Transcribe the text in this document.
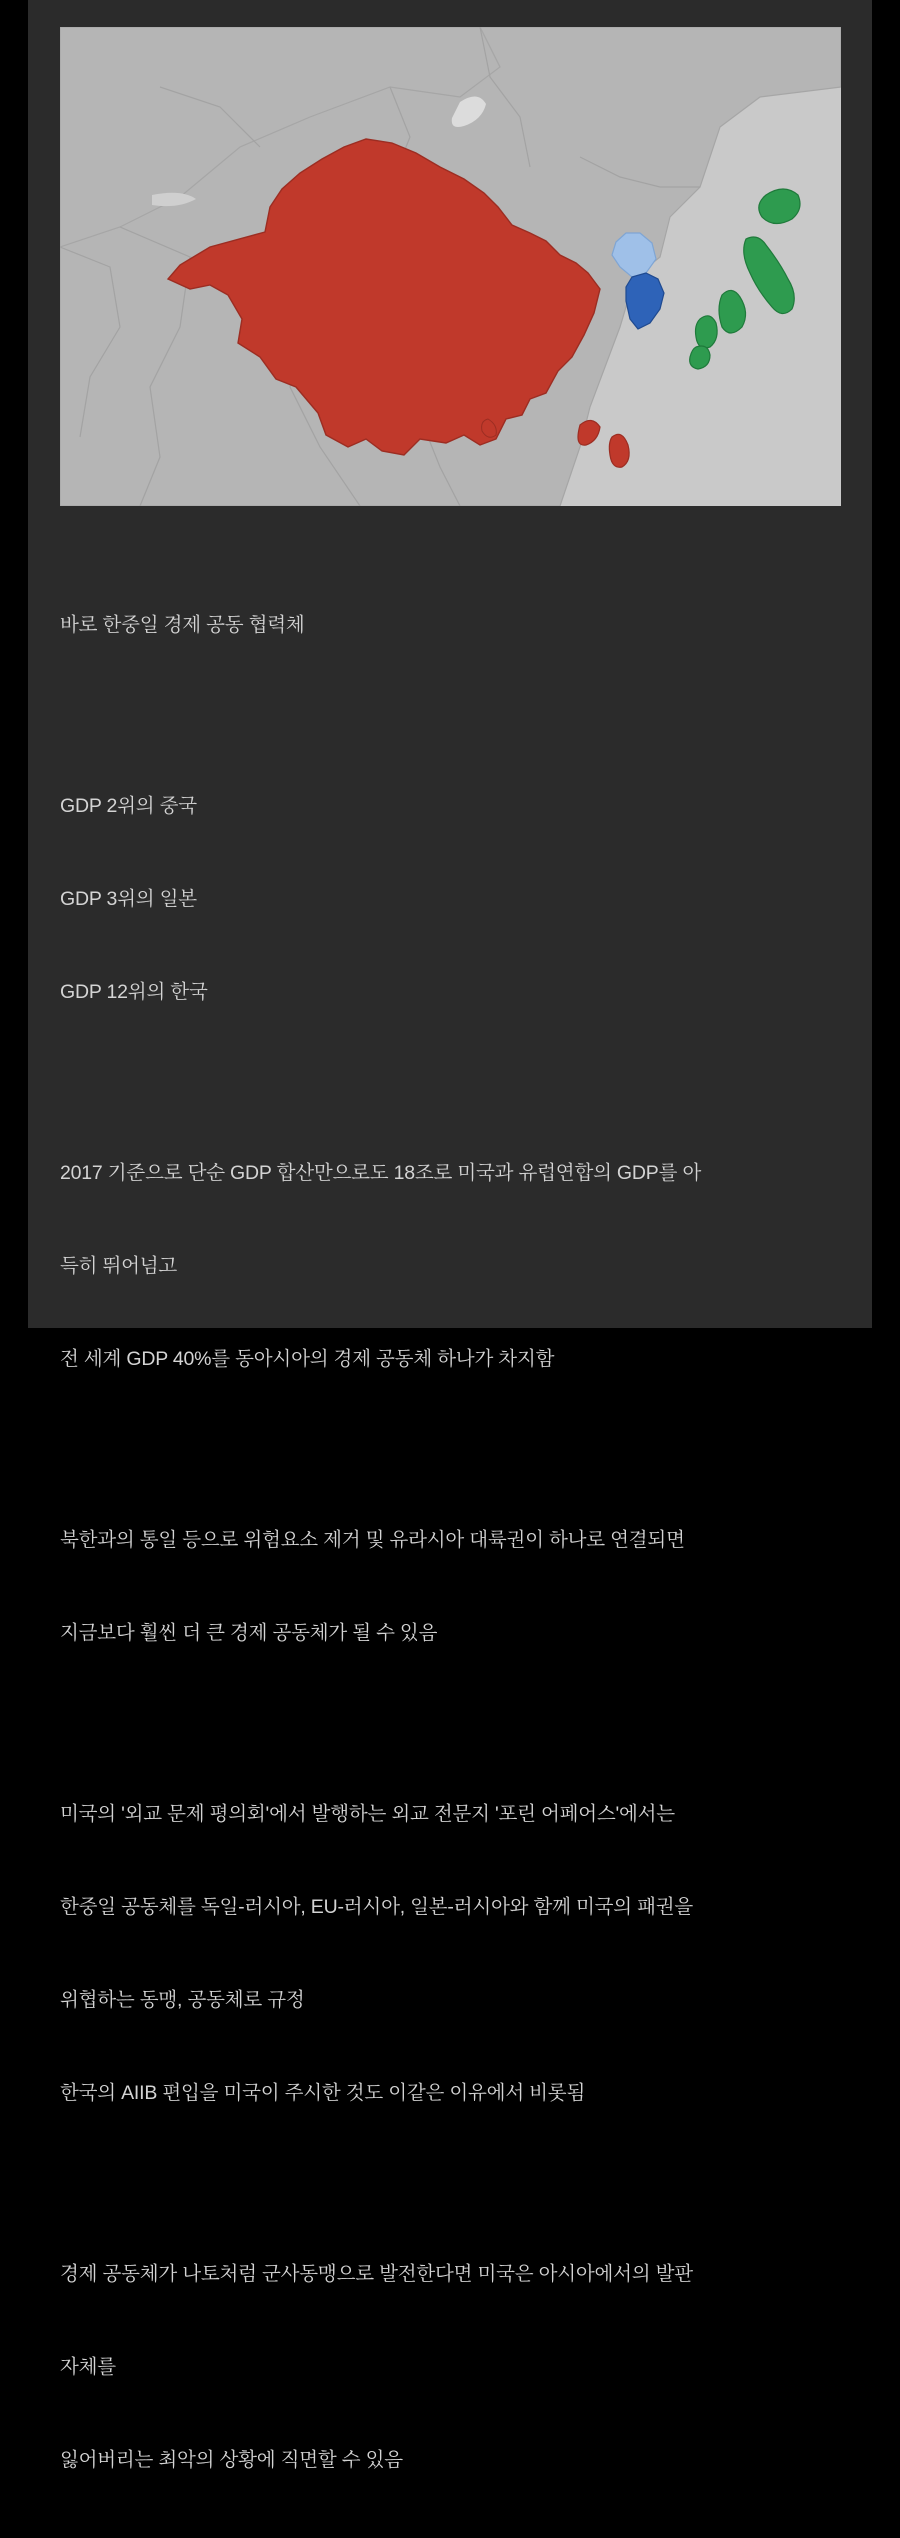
바로 한중일 경제 공동 협력체

GDP 2위의 중국

GDP 3위의 일본

GDP 12위의 한국

2017 기준으로 단순 GDP 합산만으로도 18조로 미국과 유럽연합의 GDP를 아

득히 뛰어넘고

전 세계 GDP 40%를 동아시아의 경제 공동체 하나가 차지함

북한과의 통일 등으로 위험요소 제거 및 유라시아 대륙권이 하나로 연결되면

지금보다 훨씬 더 큰 경제 공동체가 될 수 있음

미국의 '외교 문제 평의회'에서 발행하는 외교 전문지 '포린 어페어스'에서는

한중일 공동체를 독일-러시아, EU-러시아, 일본-러시아와 함께 미국의 패권을

위협하는 동맹, 공동체로 규정

한국의 AIIB 편입을 미국이 주시한 것도 이같은 이유에서 비롯됨

경제 공동체가 나토처럼 군사동맹으로 발전한다면 미국은 아시아에서의 발판

자체를

잃어버리는 최악의 상황에 직면할 수 있음
